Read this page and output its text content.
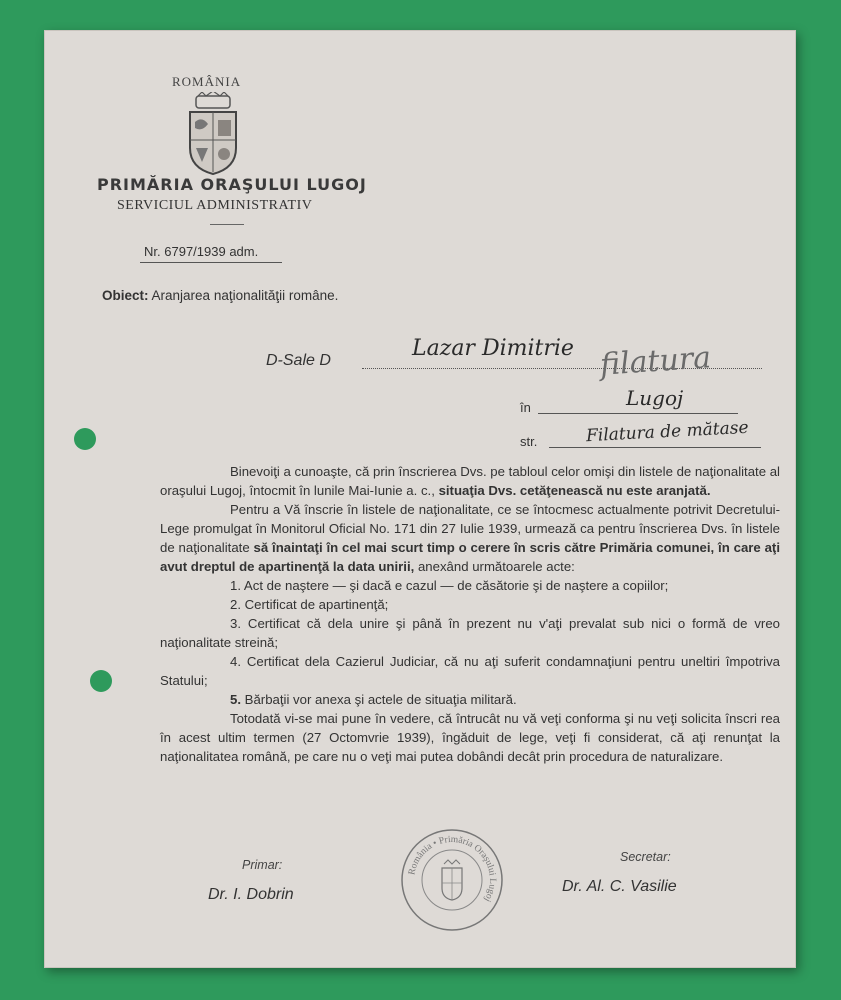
ROMÂNIA
PRIMĂRIA ORAŞULUI LUGOJ
SERVICIUL ADMINISTRATIV
Nr. 6797/1939 adm.
Obiect: Aranjarea naţionalităţii române.
D-Sale D	Lazar Dimitrie filatura
în	Lugoj
str.	Filatura de mătase

Binevoiţi a cunoaşte, că prin înscrierea Dvs. pe tabloul celor omişi din listele de naţionalitate al oraşului Lugoj, întocmit în lunile Mai-Iunie a. c., situaţia Dvs. cetăţenească nu este aranjată.

Pentru a Vă înscrie în listele de naţionalitate, ce se întocmesc actualmente potrivit Decretului-Lege promulgat în Monitorul Oficial No. 171 din 27 Iulie 1939, urmează ca pentru înscrierea Dvs. în listele de naţionalitate să înaintaţi în cel mai scurt timp o cerere în scris către Primăria comunei, în care aţi avut dreptul de apartinenţă la data unirii, anexând următoarele acte:

1. Act de naştere — şi dacă e cazul — de căsătorie şi de naştere a copiilor;

2. Certificat de apartinenţă;

3. Certificat că dela unire şi până în prezent nu v'aţi prevalat sub nici o formă de vreo naţionalitate streină;

4. Certificat dela Cazierul Judiciar, că nu aţi suferit condamnaţiuni pentru uneltiri împotriva Statului;

5. Bărbaţii vor anexa şi actele de situaţia militară.

Totodată vi-se mai pune în vedere, că întrucât nu vă veţi conforma şi nu veţi solicita înscri rea în acest ultim termen (27 Octomvrie 1939), îngăduit de lege, veţi fi considerat, că aţi renunţat la naţionalitatea română, pe care nu o veţi mai putea dobândi decât prin procedura de naturalizare.

Primar:
Dr. I. Dobrin
Secretar:
Dr. Al. C. Vasilie
România • Primăria Oraşului Lugoj
